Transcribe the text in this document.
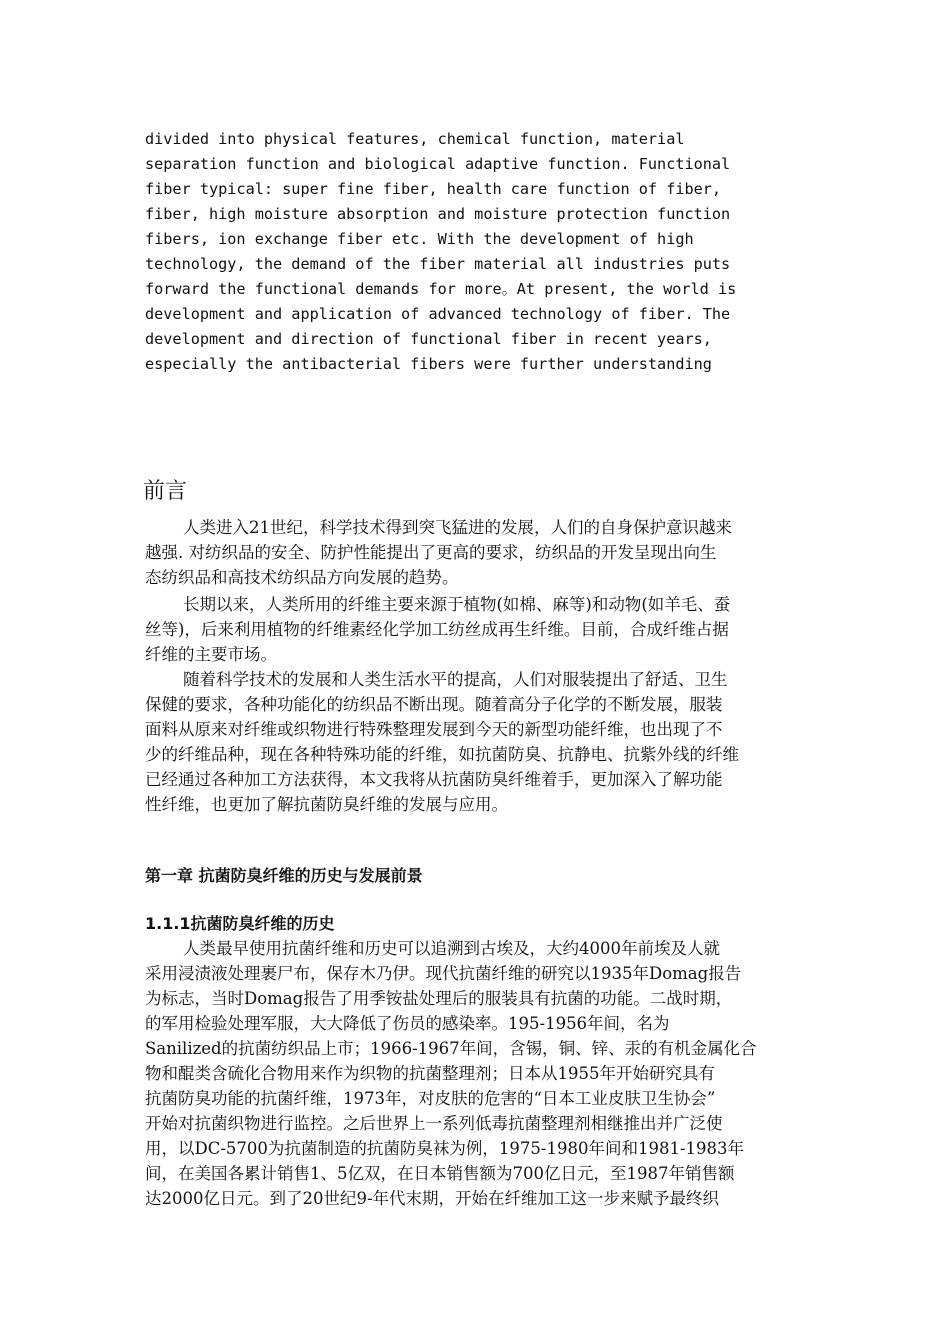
divided into physical features, chemical function, material
separation function and biological adaptive function. Functional
fiber typical: super fine fiber, health care function of fiber,
fiber, high moisture absorption and moisture protection function
fibers, ion exchange fiber etc. With the development of high
technology, the demand of the fiber material all industries puts
forward the functional demands for more。At present, the world is
development and application of advanced technology of fiber. The
development and direction of functional fiber in recent years,
especially the antibacterial fibers were further understanding
前言
人类进入21世纪，科学技术得到突飞猛进的发展，人们的自身保护意识越来
越强. 对纺织品的安全、防护性能提出了更高的要求，纺织品的开发呈现出向生
态纺织品和高技术纺织品方向发展的趋势。
长期以来，人类所用的纤维主要来源于植物(如棉、麻等)和动物(如羊毛、蚕
丝等)，后来利用植物的纤维素经化学加工纺丝成再生纤维。目前，合成纤维占据
纤维的主要市场。
随着科学技术的发展和人类生活水平的提高，人们对服装提出了舒适、卫生
保健的要求，各种功能化的纺织品不断出现。随着高分子化学的不断发展，服装
面料从原来对纤维或织物进行特殊整理发展到今天的新型功能纤维，也出现了不
少的纤维品种，现在各种特殊功能的纤维，如抗菌防臭、抗静电、抗紫外线的纤维
已经通过各种加工方法获得，本文我将从抗菌防臭纤维着手，更加深入了解功能
性纤维，也更加了解抗菌防臭纤维的发展与应用。
第一章 抗菌防臭纤维的历史与发展前景
1.1.1抗菌防臭纤维的历史
人类最早使用抗菌纤维和历史可以追溯到古埃及，大约4000年前埃及人就
采用浸渍液处理裹尸布，保存木乃伊。现代抗菌纤维的研究以1935年Domag报告
为标志，当时Domag报告了用季铵盐处理后的服装具有抗菌的功能。二战时期，
的军用检验处理军服，大大降低了伤员的感染率。195-1956年间，名为
Sanilized的抗菌纺织品上市；1966-1967年间，含锡，铜、锌、汞的有机金属化合
物和醌类含硫化合物用来作为织物的抗菌整理剂；日本从1955年开始研究具有
抗菌防臭功能的抗菌纤维，1973年，对皮肤的危害的“日本工业皮肤卫生协会”
开始对抗菌织物进行监控。之后世界上一系列低毒抗菌整理剂相继推出并广泛使
用，以DC-5700为抗菌制造的抗菌防臭袜为例，1975-1980年间和1981-1983年
间，在美国各累计销售1、5亿双，在日本销售额为700亿日元，至1987年销售额
达2000亿日元。到了20世纪9-年代末期，开始在纤维加工这一步来赋予最终织
